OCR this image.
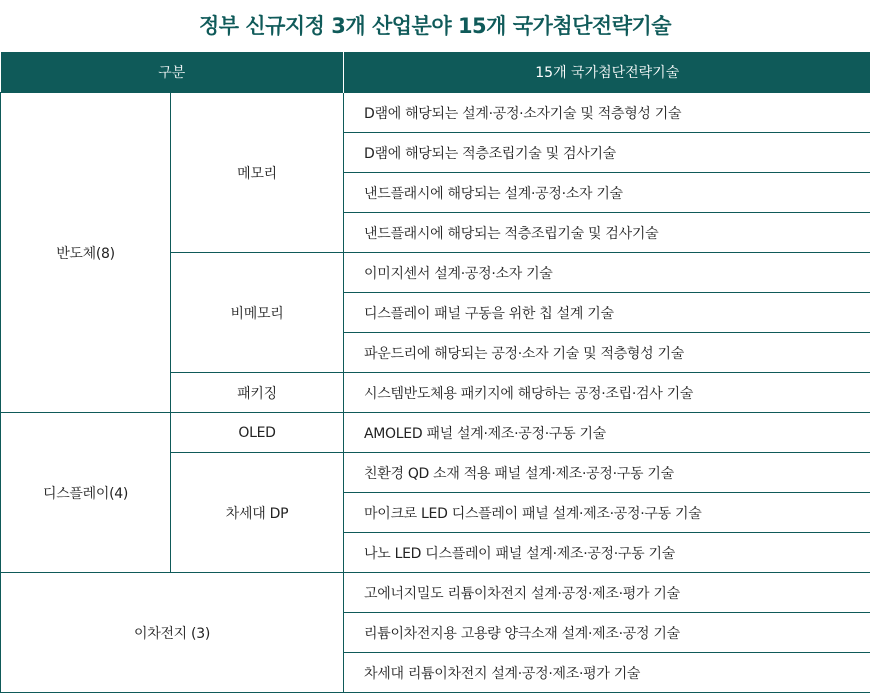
정부 신규지정 3개 산업분야 15개 국가첨단전략기술
구분		15개 국가첨단전략기술
반도체(8)	메모리	D램에 해당되는 설계·공정·소자기술 및 적층형성 기술
		D램에 해당되는 적층조립기술 및 검사기술
		낸드플래시에 해당되는 설계·공정·소자 기술
		낸드플래시에 해당되는 적층조립기술 및 검사기술
	비메모리	이미지센서 설계·공정·소자 기술
		디스플레이 패널 구동을 위한 칩 설계 기술
		파운드리에 해당되는 공정·소자 기술 및 적층형성 기술
	패키징	시스템반도체용 패키지에 해당하는 공정·조립·검사 기술
디스플레이(4)	OLED	AMOLED 패널 설계·제조·공정·구동 기술
	차세대 DP	친환경 QD 소재 적용 패널 설계·제조·공정·구동 기술
		마이크로 LED 디스플레이 패널 설계·제조·공정·구동 기술
		나노 LED 디스플레이 패널 설계·제조·공정·구동 기술
이차전지 (3)		고에너지밀도 리튬이차전지 설계·공정·제조·평가 기술
		리튬이차전지용 고용량 양극소재 설계·제조·공정 기술
		차세대 리튬이차전지 설계·공정·제조·평가 기술
